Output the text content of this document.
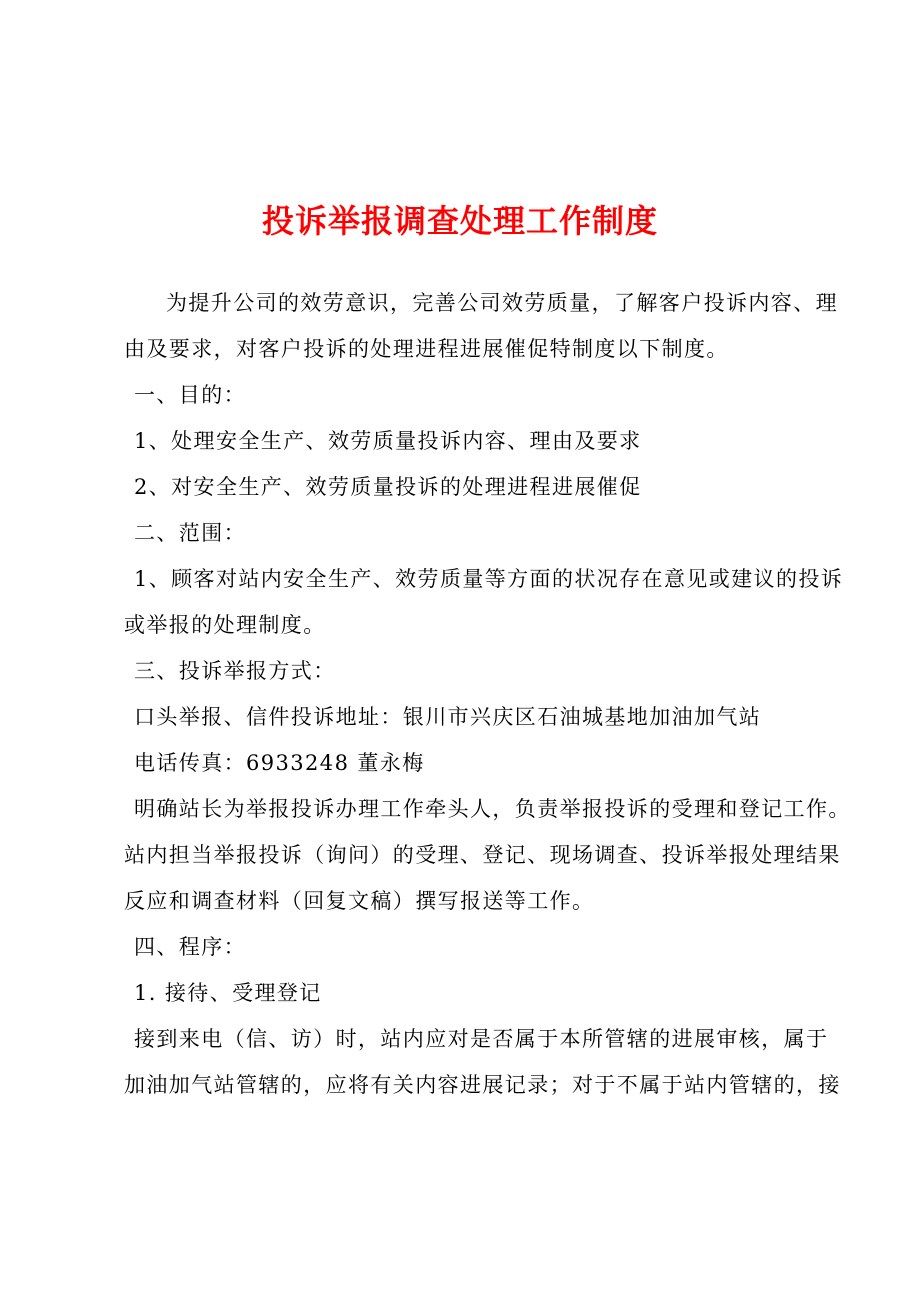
投诉举报调查处理工作制度

为提升公司的效劳意识，完善公司效劳质量，了解客户投诉内容、理

由及要求，对客户投诉的处理进程进展催促特制度以下制度。

一、目的：

1、处理安全生产、效劳质量投诉内容、理由及要求

2、对安全生产、效劳质量投诉的处理进程进展催促

二、范围：

1、顾客对站内安全生产、效劳质量等方面的状况存在意见或建议的投诉

或举报的处理制度。

三、投诉举报方式：

口头举报、信件投诉地址：银川市兴庆区石油城基地加油加气站

电话传真：6933248 董永梅

明确站长为举报投诉办理工作牵头人，负责举报投诉的受理和登记工作。

站内担当举报投诉（询问）的受理、登记、现场调查、投诉举报处理结果

反应和调查材料（回复文稿）撰写报送等工作。

四、程序：

1. 接待、受理登记

接到来电（信、访）时，站内应对是否属于本所管辖的进展审核，属于

加油加气站管辖的，应将有关内容进展记录；对于不属于站内管辖的，接
